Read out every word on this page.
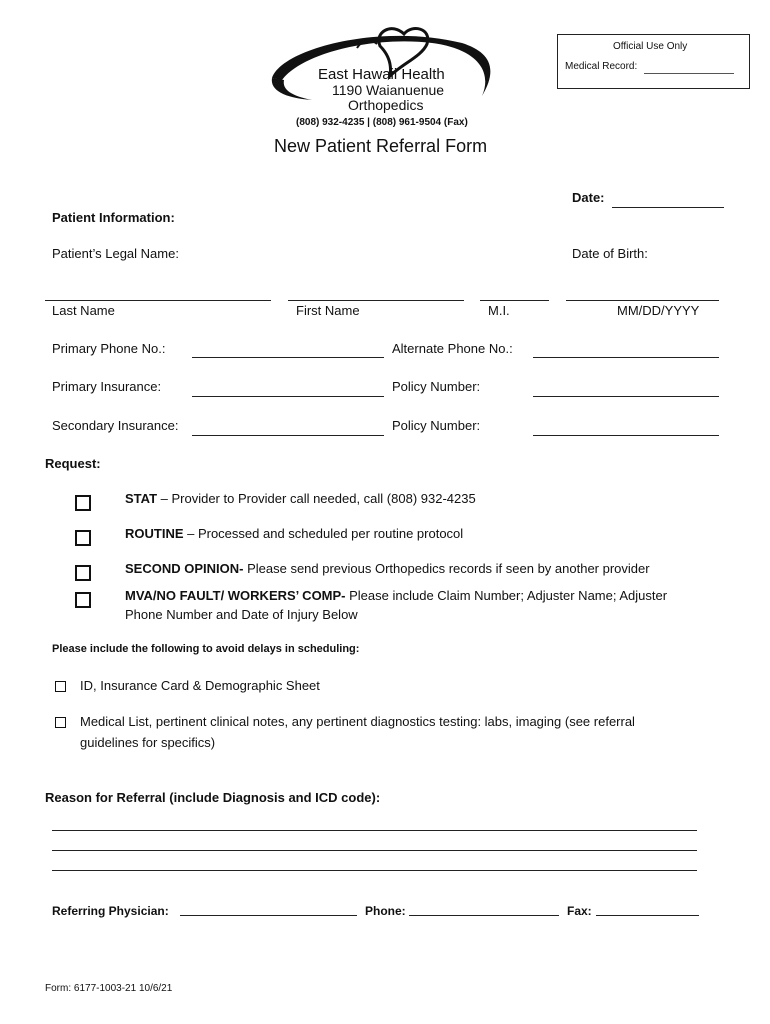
East Hawaii Health
1190 Waianuenue
Orthopedics
(808) 932-4235 | (808) 961-9504 (Fax)
New Patient Referral Form
Official Use Only
Medical Record:
Date:
Patient Information:
Patient’s Legal Name:	Date of Birth:
Last Name	First Name	M.I.	MM/DD/YYYY
Primary Phone No.:	Alternate Phone No.:
Primary Insurance:	Policy Number:
Secondary Insurance:	Policy Number:
Request:
STAT – Provider to Provider call needed, call (808) 932-4235
ROUTINE – Processed and scheduled per routine protocol
SECOND OPINION- Please send previous Orthopedics records if seen by another provider
MVA/NO FAULT/ WORKERS’ COMP- Please include Claim Number; Adjuster Name; Adjuster
Phone Number and Date of Injury Below
Please include the following to avoid delays in scheduling:
ID, Insurance Card & Demographic Sheet
Medical List, pertinent clinical notes, any pertinent diagnostics testing: labs, imaging (see referral
guidelines for specifics)
Reason for Referral (include Diagnosis and ICD code):
Referring Physician:	Phone:	Fax:
Form: 6177-1003-21 10/6/21
